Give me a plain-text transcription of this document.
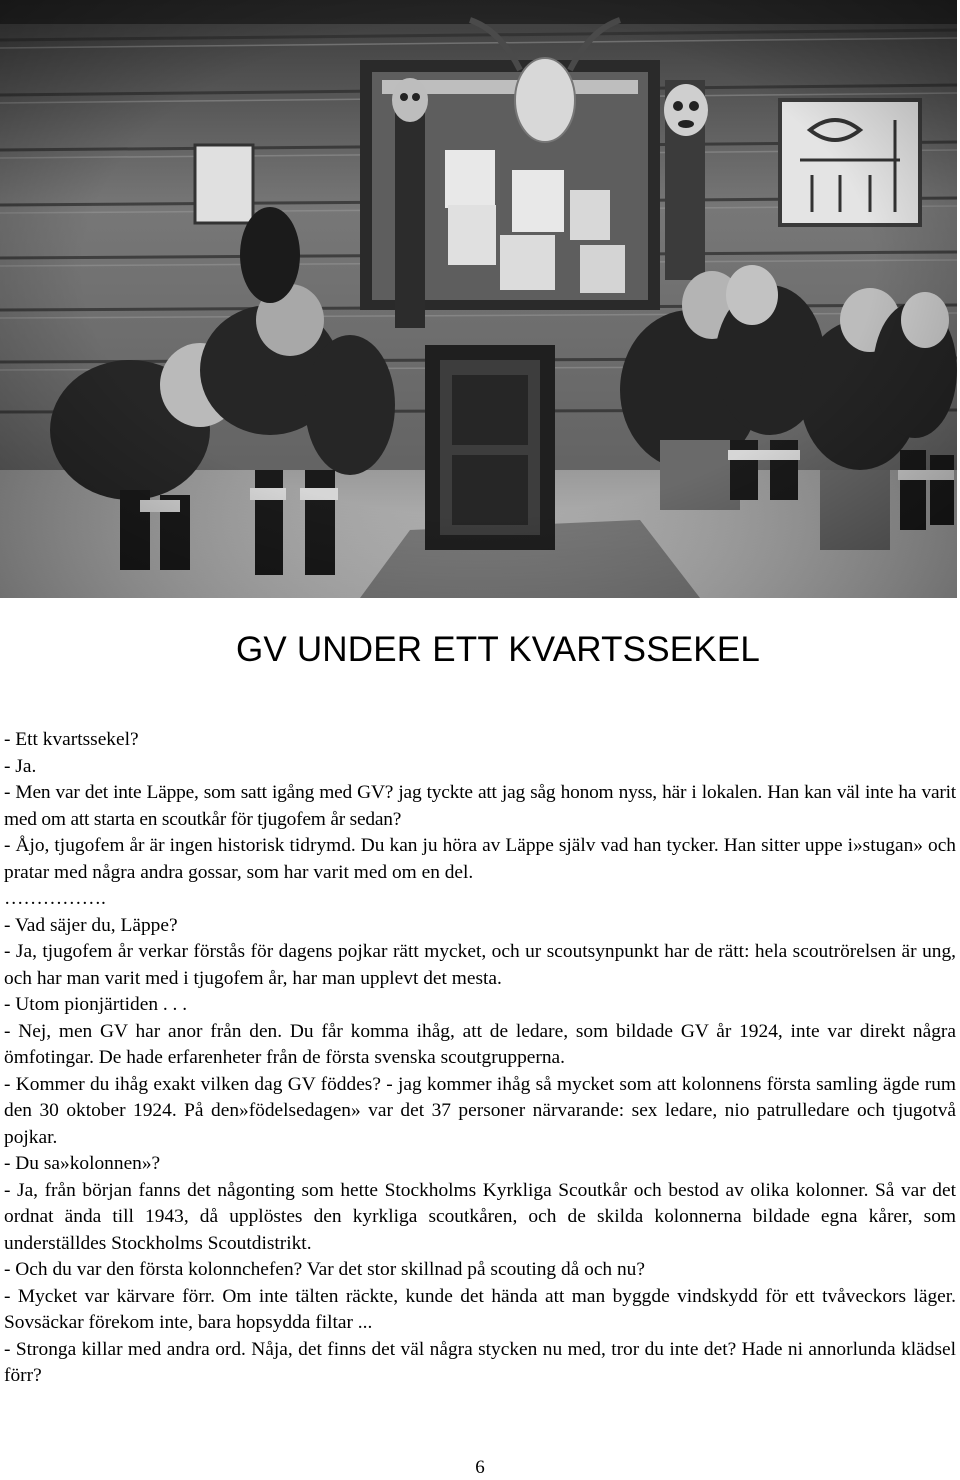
GV UNDER ETT KVARTSSEKEL

- Ett kvartssekel?

- Ja.

- Men var det inte Läppe, som satt igång med GV? jag tyckte att jag såg honom nyss, här i lokalen. Han kan väl inte ha varit med om att starta en scoutkår för tjugofem år sedan?

- Åjo, tjugofem år är ingen historisk tidrymd. Du kan ju höra av Läppe själv vad han tycker. Han sitter uppe i»stugan» och pratar med några andra gossar, som har varit med om en del.

…………….

- Vad säjer du, Läppe?

- Ja, tjugofem år verkar förstås för dagens pojkar rätt mycket, och ur scoutsynpunkt har de rätt: hela scoutrörelsen är ung, och har man varit med i tjugofem år, har man upplevt det mesta.

- Utom pionjärtiden . . .

- Nej, men GV har anor från den. Du får komma ihåg, att de ledare, som bildade GV år 1924, inte var direkt några ömfotingar. De hade erfarenheter från de första svenska scoutgrupperna.

- Kommer du ihåg exakt vilken dag GV föddes? - jag kommer ihåg så mycket som att kolonnens första samling ägde rum den 30 oktober 1924. På den»födelsedagen» var det 37 personer närvarande: sex ledare, nio patrulledare och tjugotvå pojkar.

- Du sa»kolonnen»?

- Ja, från början fanns det någonting som hette Stockholms Kyrkliga Scoutkår och bestod av olika kolonner. Så var det ordnat ända till 1943, då upplöstes den kyrkliga scoutkåren, och de skilda kolonnerna bildade egna kårer, som underställdes Stockholms Scoutdistrikt.

- Och du var den första kolonnchefen? Var det stor skillnad på scouting då och nu?

- Mycket var kärvare förr. Om inte tälten räckte, kunde det hända att man byggde vindskydd för ett tvåveckors läger. Sovsäckar förekom inte, bara hopsydda filtar ...

- Stronga killar med andra ord. Nåja, det finns det väl några stycken nu med, tror du inte det? Hade ni annorlunda klädsel förr?

6
